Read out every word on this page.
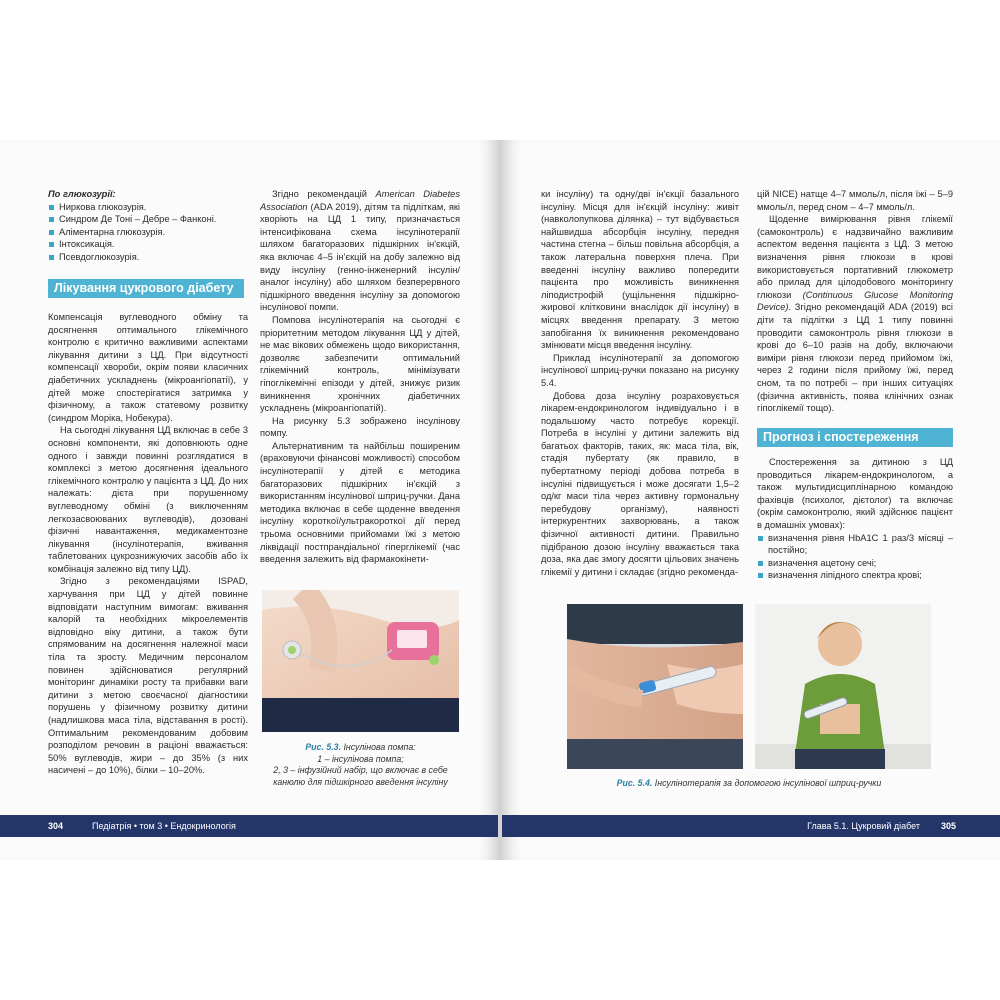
По глюкозурії:
Ниркова глюкозурія.
Синдром Де Тоні – Дебре – Фанконі.
Аліментарна глюкозурія.
Інтоксикація.
Псевдоглюкозурія.
Лікування цукрового діабету

Компенсація вуглеводного обміну та досягнення оптимального глікемічного контролю є критично важливими аспектами лікування дитини з ЦД. При відсутності компенсації хвороби, окрім появи класичних діабетичних ускладнень (мікроангіопатії), у дітей може спостерігатися затримка у фізичному, а також статевому розвитку (синдром Моріка, Нобекура).

На сьогодні лікування ЦД включає в себе 3 основні компоненти, які доповнюють одне одного і завжди повинні розглядатися в комплексі з метою досягнення ідеального глікемічного контролю у пацієнта з ЦД. До них належать: дієта при порушенному вуглеводному обміні (з виключенням легкозасвоюваних вуглеводів), дозовані фізичні навантаження, медикаментозне лікування (інсулінотерапія, вживання таблетованих цукрознижуючих засобів або їх комбінація залежно від типу ЦД).

Згідно з рекомендаціями ISPAD, харчування при ЦД у дітей повинне відповідати наступним вимогам: вживання калорій та необхідних мікроелементів відповідно віку дитини, а також бути спрямованим на досягнення належної маси тіла та зросту. Медичним персоналом повинен здійснюватися регулярний моніторинг динаміки росту та прибавки ваги дитини з метою своєчасної діагностики порушень у фізичному розвитку дитини (надлишкова маса тіла, відставання в рості). Оптимальним рекомендованим добовим розподілом речовин в раціоні вважається: 50% вуглеводів, жири – до 35% (з них насичені – до 10%), білки – 10–20%.

Згідно рекомендацій American Diabetes Association (ADA 2019), дітям та підліткам, які хворіють на ЦД 1 типу, призначається інтенсифікована схема інсулінотерапії шляхом багаторазових підшкірних ін'єкцій, яка включає 4–5 ін'єкцій на добу залежно від виду інсуліну (генно-інженерний інсулін/аналог інсуліну) або шляхом безперервного підшкірного введення інсуліну за допомогою інсулінової помпи.

Помпова інсулінотерапія на сьогодні є пріоритетним методом лікування ЦД у дітей, не має вікових обмежень щодо використання, дозволяє забезпечити оптимальний глікемічний контроль, мінімізувати гіпоглікемічні епізоди у дітей, знижує ризик виникнення хронічних діабетичних ускладнень (мікроангіопатій).

На рисунку 5.3 зображено інсулінову помпу.

Альтернативним та найбільш поширеним (враховуючи фінансові можливості) способом інсулінотерапії у дітей є методика багаторазових підшкірних ін'єкцій з використанням інсулінової шприц-ручки. Дана методика включає в себе щоденне введення інсуліну короткої/ультракороткої дії перед трьома основними прийомами їжі з метою ліквідації постпрандіальної гіперглікемії (час введення залежить від фармакокінети-

Рис. 5.3. Інсулінова помпа:
1 – інсулінова помпа;
2, 3 – інфузійний набір, що включає в себе
канюлю для підшкірного введення інсуліну

ки інсуліну) та одну/дві ін'єкції базального інсуліну. Місця для ін'єкцій інсуліну: живіт (навколопупкова ділянка) – тут відбувається найшвидша абсорбція інсуліну, передня частина стегна – більш повільна абсорбція, а також латеральна поверхня плеча. При введенні інсуліну важливо попередити пацієнта про можливість виникнення ліподистрофій (ущільнення підшкірно-жирової клітковини внаслідок дії інсуліну) в місцях введення препарату. З метою запобігання їх виникнення рекомендовано змінювати місця введення інсуліну.

Приклад інсулінотерапії за допомогою інсулінової шприц-ручки показано на рисунку 5.4.

Добова доза інсуліну розраховується лікарем-ендокринологом індивідуально і в подальшому часто потребує корекції. Потреба в інсуліні у дитини залежить від багатьох факторів, таких, як: маса тіла, вік, стадія пубертату (як правило, в пубертатному періоді добова потреба в інсуліні підвищується і може досягати 1,5–2 од/кг маси тіла через активну гормональну перебудову організму), наявності інтеркурентних захворювань, а також фізичної активності дитини. Правильно підібраною дозою інсуліну вважається така доза, яка дає змогу досягти цільових значень глікемії у дитини і складає (згідно рекоменда-

цій NICE) натще 4–7 ммоль/л, після їжі – 5–9 ммоль/л, перед сном – 4–7 ммоль/л.

Щоденне вимірювання рівня глікемії (самоконтроль) є надзвичайно важливим аспектом ведення пацієнта з ЦД. З метою визначення рівня глюкози в крові використовується портативний глюкометр або прилад для цілодобового моніторингу глюкози (Continuous Glucose Monitoring Device). Згідно рекомендацій ADA (2019) всі діти та підлітки з ЦД 1 типу повинні проводити самоконтроль рівня глюкози в крові до 6–10 разів на добу, включаючи виміри рівня глюкози перед прийомом їжі, через 2 години після прийому їжі, перед сном, та по потребі – при інших ситуаціях (фізична активність, поява клінічних ознак гіпоглікемії тощо).

Прогноз і спостереження

Спостереження за дитиною з ЦД проводиться лікарем-ендокринологом, а також мультидисциплінарною командою фахівців (психолог, дієтолог) та включає (окрім самоконтролю, який здійснює пацієнт в домашніх умовах):

визначення рівня HbA1C 1 раз/3 місяці – постійно;
визначення ацетону сечі;
визначення ліпідного спектра крові;
Рис. 5.4. Інсулінотерапія за допомогою інсулінової шприц-ручки
304	Педіатрія • том 3 • Ендокринологія	Глава 5.1. Цукровий діабет 305
